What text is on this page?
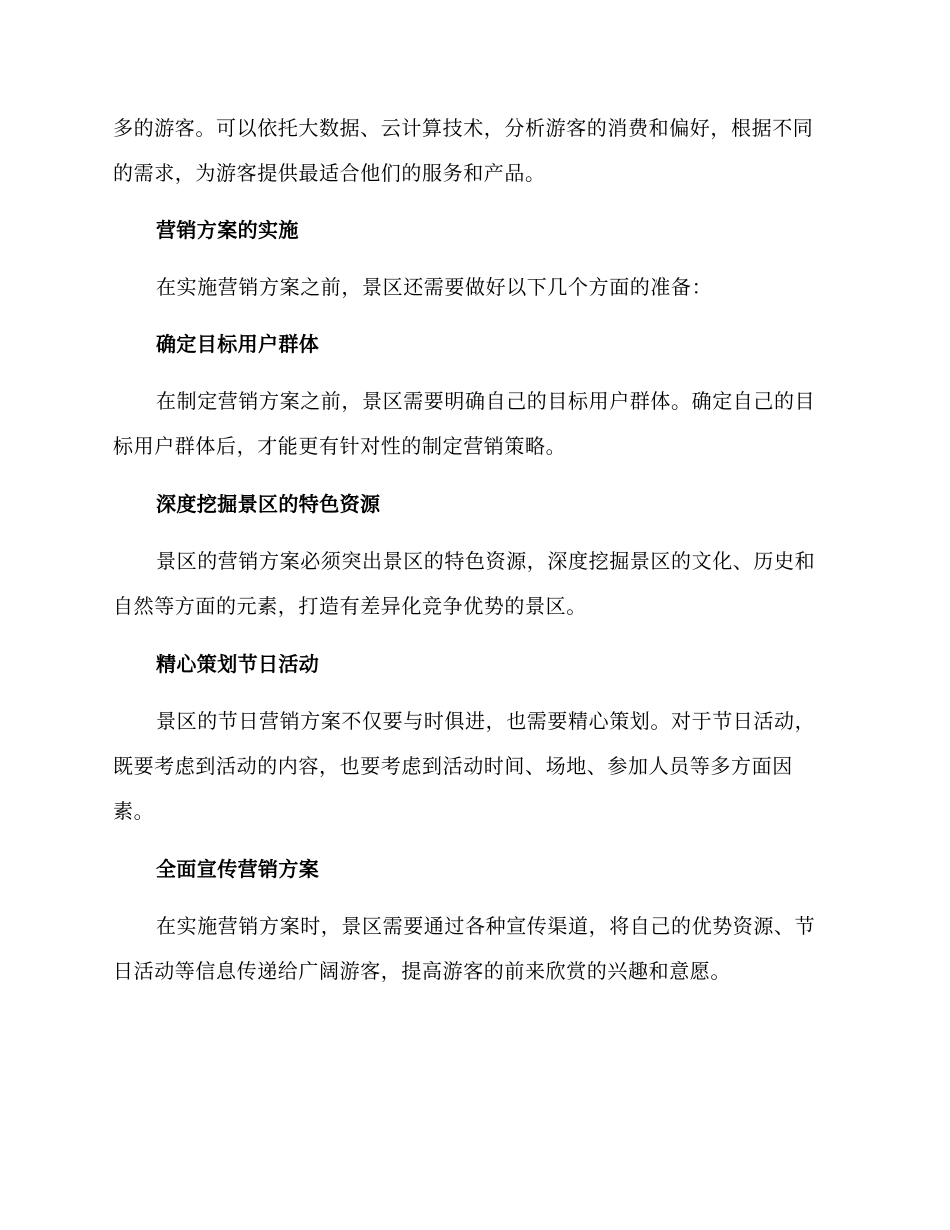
多的游客。可以依托大数据、云计算技术，分析游客的消费和偏好，根据不同的需求，为游客提供最适合他们的服务和产品。

营销方案的实施

在实施营销方案之前，景区还需要做好以下几个方面的准备：

确定目标用户群体

在制定营销方案之前，景区需要明确自己的目标用户群体。确定自己的目标用户群体后，才能更有针对性的制定营销策略。

深度挖掘景区的特色资源

景区的营销方案必须突出景区的特色资源，深度挖掘景区的文化、历史和自然等方面的元素，打造有差异化竞争优势的景区。

精心策划节日活动

景区的节日营销方案不仅要与时俱进，也需要精心策划。对于节日活动，既要考虑到活动的内容，也要考虑到活动时间、场地、参加人员等多方面因素。

全面宣传营销方案

在实施营销方案时，景区需要通过各种宣传渠道，将自己的优势资源、节日活动等信息传递给广阔游客，提高游客的前来欣赏的兴趣和意愿。
